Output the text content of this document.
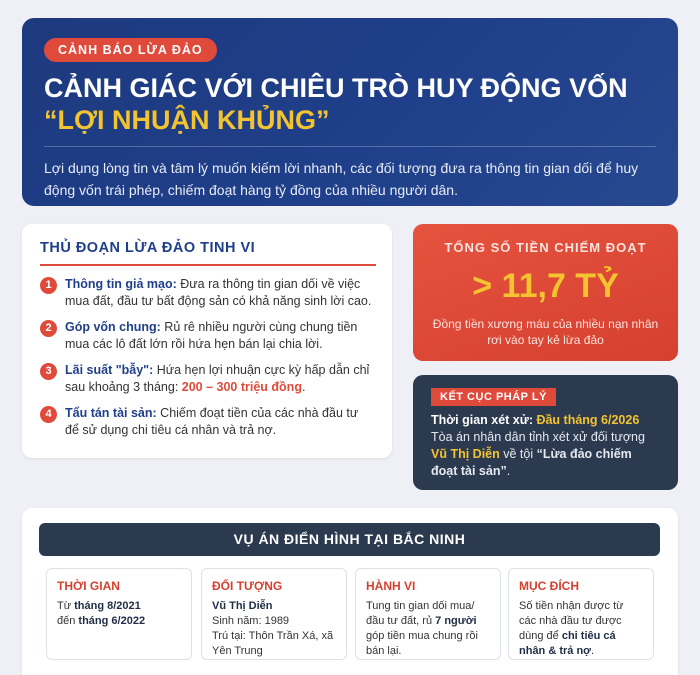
CẢNH BÁO LỪA ĐẢO
CẢNH GIÁC VỚI CHIÊU TRÒ HUY ĐỘNG VỐN
“LỢI NHUẬN KHỦNG”

Lợi dụng lòng tin và tâm lý muốn kiếm lời nhanh, các đối tượng đưa ra thông tin gian dối để huy động vốn trái phép, chiếm đoạt hàng tỷ đồng của nhiều người dân.

THỦ ĐOẠN LỪA ĐẢO TINH VI
1	Thông tin giả mạo: Đưa ra thông tin gian dối về việc mua đất, đầu tư bất động sản có khả năng sinh lời cao.
2	Góp vốn chung: Rủ rê nhiều người cùng chung tiền mua các lô đất lớn rồi hứa hẹn bán lại chia lời.
3	Lãi suất "bẫy": Hứa hẹn lợi nhuận cực kỳ hấp dẫn chỉ sau khoảng 3 tháng: 200 – 300 triệu đồng.
4	Tẩu tán tài sản: Chiếm đoạt tiền của các nhà đầu tư để sử dụng chi tiêu cá nhân và trả nợ.
TỔNG SỐ TIỀN CHIẾM ĐOẠT
> 11,7 TỶ
Đồng tiền xương máu của nhiều nạn nhân rơi vào tay kẻ lừa đảo
KẾT CỤC PHÁP LÝ
Thời gian xét xử: Đầu tháng 6/2026
Tòa án nhân dân tỉnh xét xử đối tượng Vũ Thị Diễn về tội “Lừa đảo chiếm đoạt tài sản”.
VỤ ÁN ĐIỂN HÌNH TẠI BẮC NINH
THỜI GIAN
Từ tháng 8/2021
đến tháng 6/2022
ĐỐI TƯỢNG
Vũ Thị Diễn
Sinh năm: 1989
Trú tại: Thôn Trần Xá, xã Yên Trung
HÀNH VI
Tung tin gian dối mua/đầu tư đất, rủ 7 người góp tiền mua chung rồi bán lại.
MỤC ĐÍCH
Số tiền nhận được từ các nhà đầu tư được dùng để chi tiêu cá nhân & trả nợ.
